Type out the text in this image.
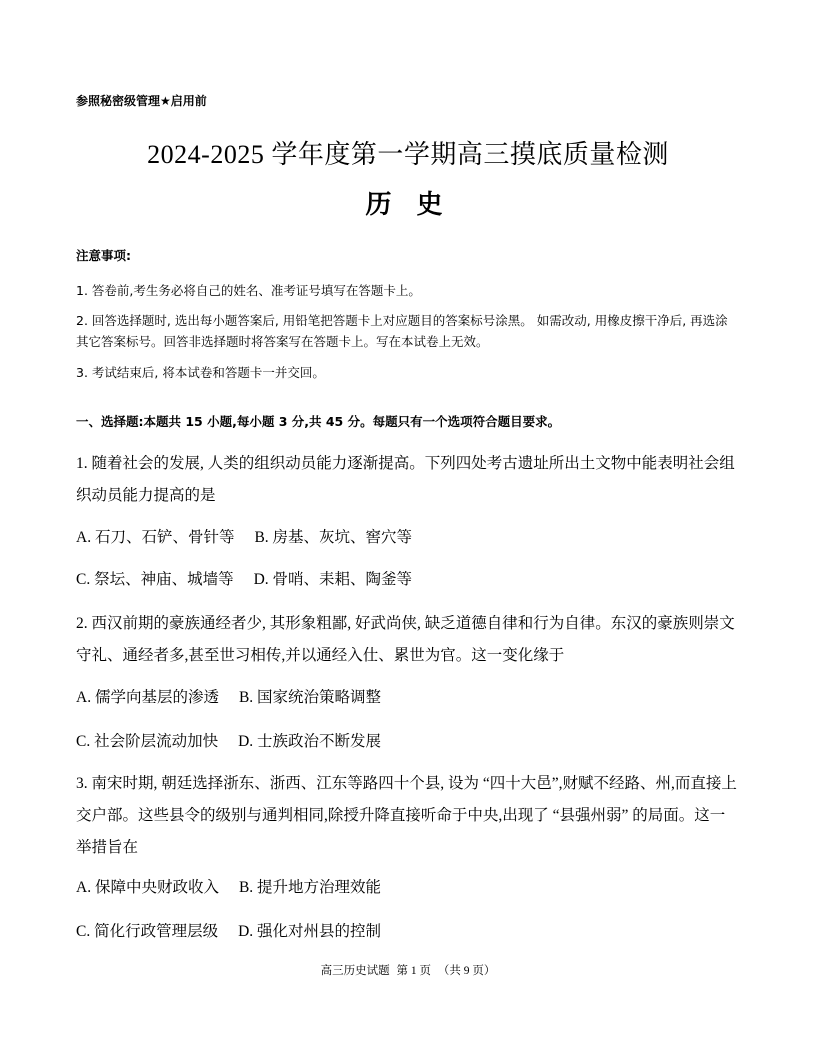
参照秘密级管理★启用前
2024-2025 学年度第一学期高三摸底质量检测
历 史
注意事项:
1. 答卷前,考生务必将自己的姓名、准考证号填写在答题卡上。
2. 回答选择题时, 选出每小题答案后, 用铅笔把答题卡上对应题目的答案标号涂黑。 如需改动, 用橡皮擦干净后, 再选涂其它答案标号。回答非选择题时将答案写在答题卡上。写在本试卷上无效。
3. 考试结束后, 将本试卷和答题卡一并交回。
一、选择题:本题共 15 小题,每小题 3 分,共 45 分。每题只有一个选项符合题目要求。
1. 随着社会的发展, 人类的组织动员能力逐渐提高。下列四处考古遗址所出土文物中能表明社会组织动员能力提高的是
A. 石刀、石铲、骨针等 B. 房基、灰坑、窖穴等
C. 祭坛、神庙、城墙等 D. 骨哨、耒耜、陶釜等
2. 西汉前期的豪族通经者少, 其形象粗鄙, 好武尚侠, 缺乏道德自律和行为自律。东汉的豪族则崇文守礼、通经者多,甚至世习相传,并以通经入仕、累世为官。这一变化缘于
A. 儒学向基层的渗透 B. 国家统治策略调整
C. 社会阶层流动加快 D. 士族政治不断发展
3. 南宋时期, 朝廷选择浙东、浙西、江东等路四十个县, 设为 “四十大邑”,财赋不经路、州,而直接上交户部。这些县令的级别与通判相同,除授升降直接听命于中央,出现了 “县强州弱” 的局面。这一举措旨在
A. 保障中央财政收入 B. 提升地方治理效能
C. 简化行政管理层级 D. 强化对州县的控制
高三历史试题 第 1 页 （共 9 页）
